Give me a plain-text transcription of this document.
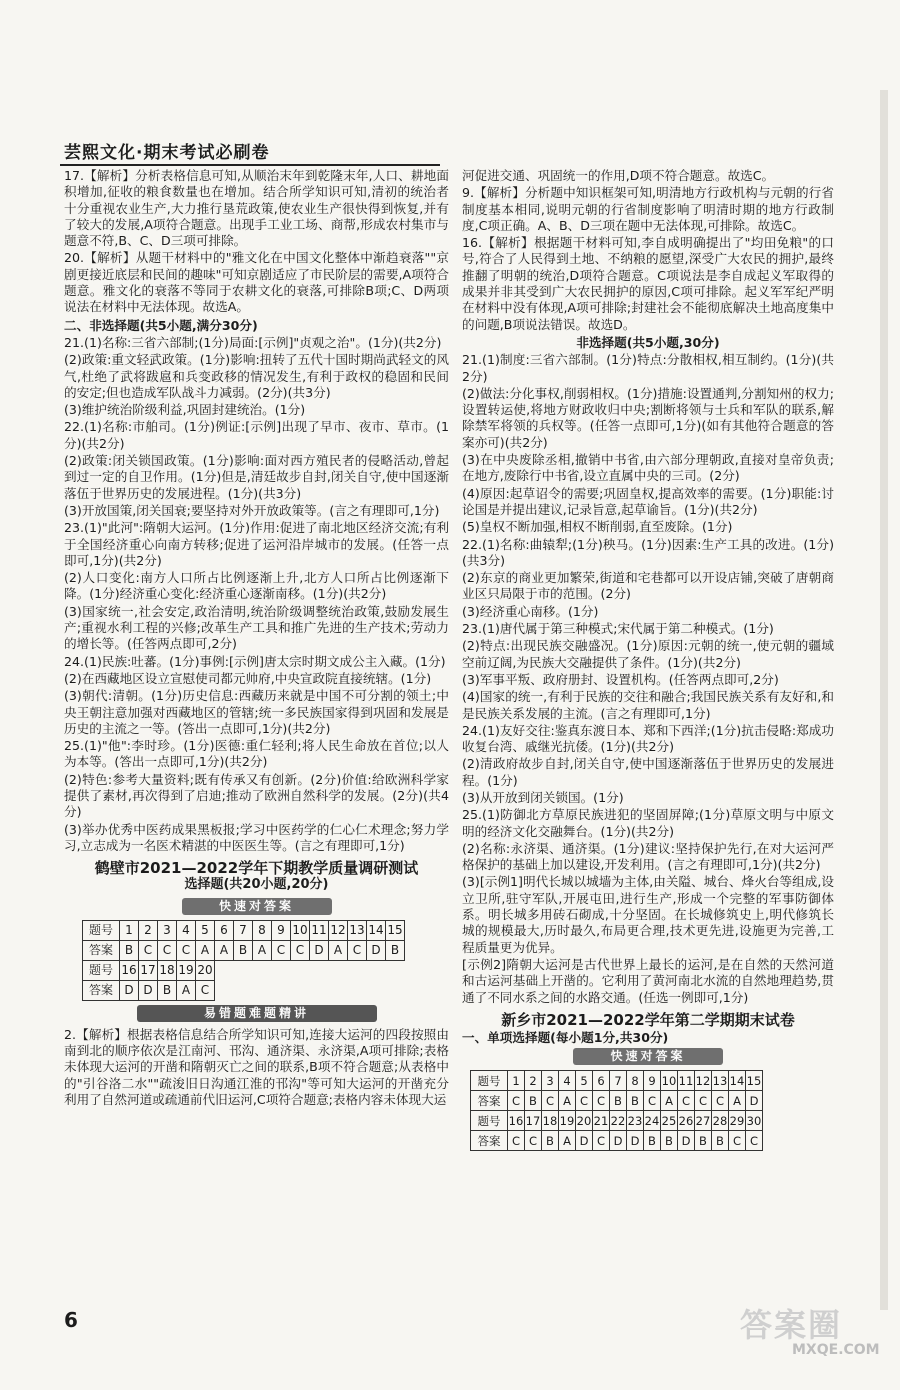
芸熙文化·期末考试必刷卷

17.【解析】分析表格信息可知,从顺治末年到乾隆末年,人口、耕地面积增加,征收的粮食数量也在增加。结合所学知识可知,清初的统治者十分重视农业生产,大力推行垦荒政策,使农业生产很快得到恢复,并有了较大的发展,A项符合题意。出现手工业工场、商帮,形成农村集市与题意不符,B、C、D三项可排除。

20.【解析】从题干材料中的"雅文化在中国文化整体中渐趋衰落""京剧更接近底层和民间的趣味"可知京剧适应了市民阶层的需要,A项符合题意。雅文化的衰落不等同于农耕文化的衰落,可排除B项;C、D两项说法在材料中无法体现。故选A。

二、非选择题(共5小题,满分30分)

21.(1)名称:三省六部制;(1分)局面:[示例]"贞观之治"。(1分)(共2分)

(2)政策:重文轻武政策。(1分)影响:扭转了五代十国时期尚武轻文的风气,杜绝了武将跋扈和兵变政移的情况发生,有利于政权的稳固和民间的安定;但也造成军队战斗力减弱。(2分)(共3分)

(3)维护统治阶级利益,巩固封建统治。(1分)

22.(1)名称:市舶司。(1分)例证:[示例]出现了早市、夜市、草市。(1分)(共2分)

(2)政策:闭关锁国政策。(1分)影响:面对西方殖民者的侵略活动,曾起到过一定的自卫作用。(1分)但是,清廷故步自封,闭关自守,使中国逐渐落伍于世界历史的发展进程。(1分)(共3分)

(3)开放国策,闭关国衰;要坚持对外开放政策等。(言之有理即可,1分)

23.(1)"此河":隋朝大运河。(1分)作用:促进了南北地区经济交流;有利于全国经济重心向南方转移;促进了运河沿岸城市的发展。(任答一点即可,1分)(共2分)

(2)人口变化:南方人口所占比例逐渐上升,北方人口所占比例逐渐下降。(1分)经济重心变化:经济重心逐渐南移。(1分)(共2分)

(3)国家统一,社会安定,政治清明,统治阶级调整统治政策,鼓励发展生产;重视水利工程的兴修;改革生产工具和推广先进的生产技术;劳动力的增长等。(任答两点即可,2分)

24.(1)民族:吐蕃。(1分)事例:[示例]唐太宗时期文成公主入藏。(1分)

(2)在西藏地区设立宣慰使司都元帅府,中央宣政院直接统辖。(1分)

(3)朝代:清朝。(1分)历史信息:西藏历来就是中国不可分割的领土;中央王朝注意加强对西藏地区的管辖;统一多民族国家得到巩固和发展是历史的主流之一等。(答出一点即可,1分)(共2分)

25.(1)"他":李时珍。(1分)医德:重仁轻利;将人民生命放在首位;以人为本等。(答出一点即可,1分)(共2分)

(2)特色:参考大量资料;既有传承又有创新。(2分)价值:给欧洲科学家提供了素材,再次得到了启迪;推动了欧洲自然科学的发展。(2分)(共4分)

(3)举办优秀中医药成果黑板报;学习中医药学的仁心仁术理念;努力学习,立志成为一名医术精湛的中医医生等。(言之有理即可,1分)

鹤壁市2021—2022学年下期教学质量调研测试
选择题(共20小题,20分)
快速对答案
题号	1	2	3	4	5	6	7	8	9	10	11	12	13	14	15
答案	B	C	C	C	A	A	B	A	C	C	D	A	C	D	B
题号	16	17	18	19	20										
答案	D	D	B	A	C										
易错题难题精讲

2.【解析】根据表格信息结合所学知识可知,连接大运河的四段按照由南到北的顺序依次是江南河、邗沟、通济渠、永济渠,A项可排除;表格未体现大运河的开凿和隋朝灭亡之间的联系,B项不符合题意;从表格中的"引谷洛二水""疏浚旧日沟通江淮的邗沟"等可知大运河的开凿充分利用了自然河道或疏通前代旧运河,C项符合题意;表格内容未体现大运

河促进交通、巩固统一的作用,D项不符合题意。故选C。

9.【解析】分析题中知识框架可知,明清地方行政机构与元朝的行省制度基本相同,说明元朝的行省制度影响了明清时期的地方行政制度,C项正确。A、B、D三项在题中无法体现,可排除。故选C。

16.【解析】根据题干材料可知,李自成明确提出了"均田免粮"的口号,符合了人民得到土地、不纳粮的愿望,深受广大农民的拥护,最终推翻了明朝的统治,D项符合题意。C项说法是李自成起义军取得的成果并非其受到广大农民拥护的原因,C项可排除。起义军军纪严明在材料中没有体现,A项可排除;封建社会不能彻底解决土地高度集中的问题,B项说法错误。故选D。

非选择题(共5小题,30分)

21.(1)制度:三省六部制。(1分)特点:分散相权,相互制约。(1分)(共2分)

(2)做法:分化事权,削弱相权。(1分)措施:设置通判,分割知州的权力;设置转运使,将地方财政收归中央;割断将领与士兵和军队的联系,解除禁军将领的兵权等。(任答一点即可,1分)(如有其他符合题意的答案亦可)(共2分)

(3)在中央废除丞相,撤销中书省,由六部分理朝政,直接对皇帝负责;在地方,废除行中书省,设立直属中央的三司。(2分)

(4)原因:起草诏令的需要;巩固皇权,提高效率的需要。(1分)职能:讨论国是并提出建议,记录旨意,起草谕旨。(1分)(共2分)

(5)皇权不断加强,相权不断削弱,直至废除。(1分)

22.(1)名称:曲辕犁;(1分)秧马。(1分)因素:生产工具的改进。(1分)(共3分)

(2)东京的商业更加繁荣,街道和宅巷都可以开设店铺,突破了唐朝商业区只局限于市的范围。(2分)

(3)经济重心南移。(1分)

23.(1)唐代属于第三种模式;宋代属于第二种模式。(1分)

(2)特点:出现民族交融盛况。(1分)原因:元朝的统一,使元朝的疆域空前辽阔,为民族大交融提供了条件。(1分)(共2分)

(3)军事平叛、政府册封、设置机构。(任答两点即可,2分)

(4)国家的统一,有利于民族的交往和融合;我国民族关系有友好和,和是民族关系发展的主流。(言之有理即可,1分)

24.(1)友好交往:鉴真东渡日本、郑和下西洋;(1分)抗击侵略:郑成功收复台湾、戚继光抗倭。(1分)(共2分)

(2)清政府故步自封,闭关自守,使中国逐渐落伍于世界历史的发展进程。(1分)

(3)从开放到闭关锁国。(1分)

25.(1)防御北方草原民族进犯的坚固屏障;(1分)草原文明与中原文明的经济文化交融舞台。(1分)(共2分)

(2)名称:永济渠、通济渠。(1分)建议:坚持保护先行,在对大运河严格保护的基础上加以建设,开发利用。(言之有理即可,1分)(共2分)

(3)[示例1]明代长城以城墙为主体,由关隘、城台、烽火台等组成,设立卫所,驻守军队,开展屯田,进行生产,形成一个完整的军事防御体系。明长城多用砖石砌成,十分坚固。在长城修筑史上,明代修筑长城的规模最大,历时最久,布局更合理,技术更先进,设施更为完善,工程质量更为优异。

[示例2]隋朝大运河是古代世界上最长的运河,是在自然的天然河道和古运河基础上开凿的。它利用了黄河南北水流的自然地理趋势,贯通了不同水系之间的水路交通。(任选一例即可,1分)

新乡市2021—2022学年第二学期期末试卷
一、单项选择题(每小题1分,共30分)
快速对答案
题号	1	2	3	4	5	6	7	8	9	10	11	12	13	14	15
答案	C	B	C	A	C	C	B	B	C	A	C	C	C	A	D
题号	16	17	18	19	20	21	22	23	24	25	26	27	28	29	30
答案	C	C	B	A	D	C	D	D	B	B	D	B	B	C	C
6	答案圈
MXQE.COM
